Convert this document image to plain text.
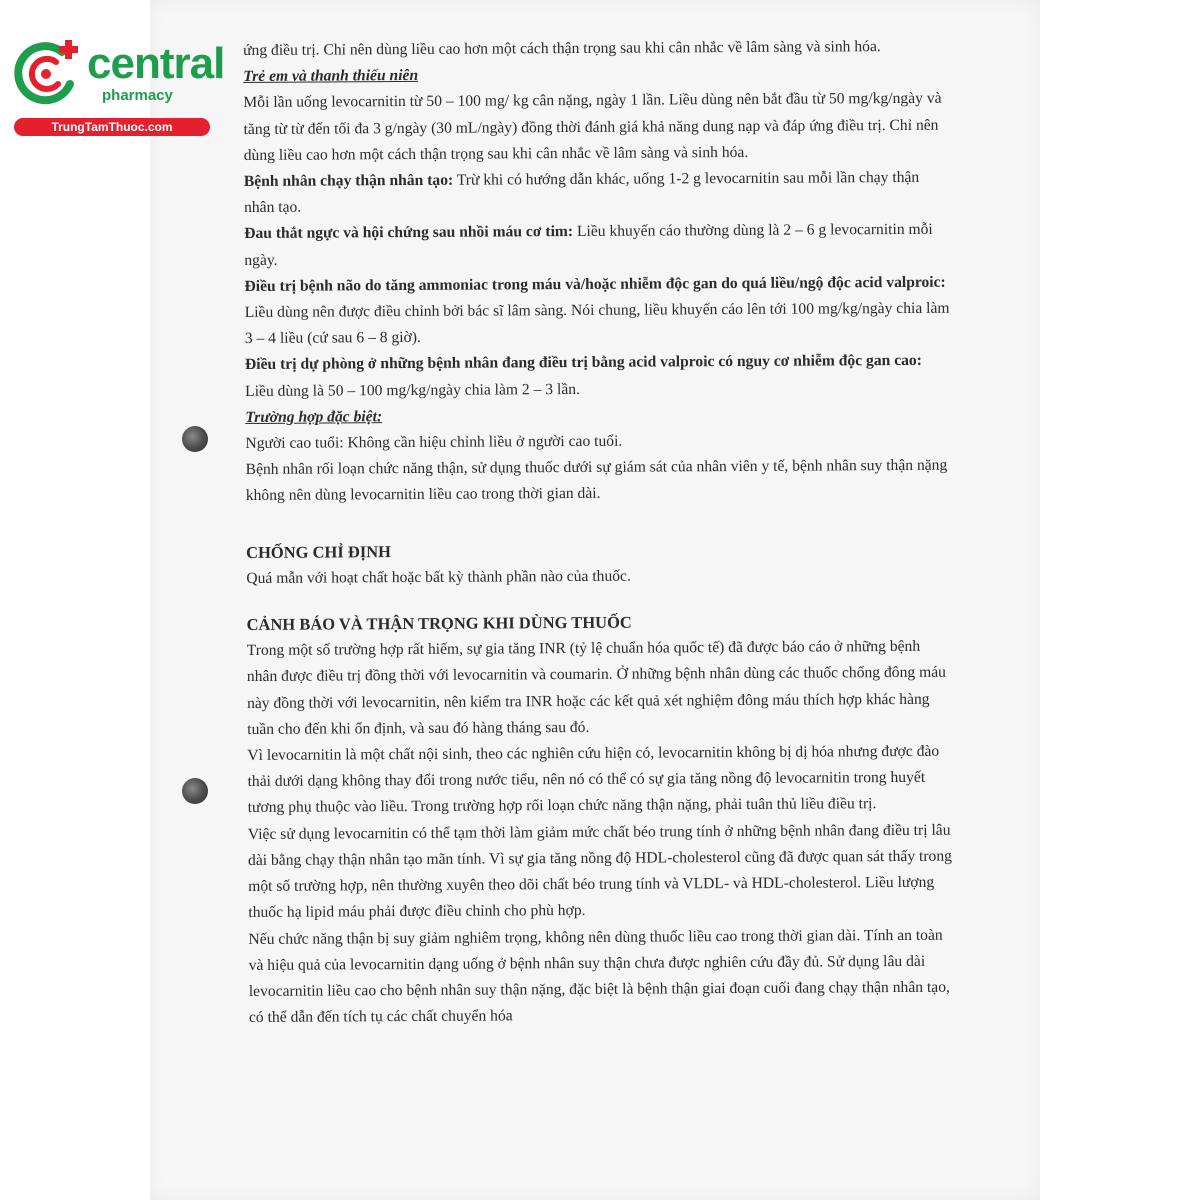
central
pharmacy
TrungTamThuoc.com

ứng điều trị. Chỉ nên dùng liều cao hơn một cách thận trọng sau khi cân nhắc về lâm sàng và sinh hóa.

Trẻ em và thanh thiếu niên

Mỗi lần uống levocarnitin từ 50 – 100 mg/ kg cân nặng, ngày 1 lần. Liều dùng nên bắt đầu từ 50 mg/kg/ngày và tăng từ từ đến tối đa 3 g/ngày (30 mL/ngày) đồng thời đánh giá khả năng dung nạp và đáp ứng điều trị. Chỉ nên dùng liều cao hơn một cách thận trọng sau khi cân nhắc về lâm sàng và sinh hóa.

Bệnh nhân chạy thận nhân tạo: Trừ khi có hướng dẫn khác, uống 1-2 g levocarnitin sau mỗi lần chạy thận nhân tạo.

Đau thắt ngực và hội chứng sau nhồi máu cơ tim: Liều khuyến cáo thường dùng là 2 – 6 g levocarnitin mỗi ngày.

Điều trị bệnh não do tăng ammoniac trong máu và/hoặc nhiễm độc gan do quá liều/ngộ độc acid valproic: Liều dùng nên được điều chỉnh bởi bác sĩ lâm sàng. Nói chung, liều khuyến cáo lên tới 100 mg/kg/ngày chia làm 3 – 4 liều (cứ sau 6 – 8 giờ).

Điều trị dự phòng ở những bệnh nhân đang điều trị bằng acid valproic có nguy cơ nhiễm độc gan cao: Liều dùng là 50 – 100 mg/kg/ngày chia làm 2 – 3 lần.

Trường hợp đặc biệt:

Người cao tuổi: Không cần hiệu chỉnh liều ở người cao tuổi.

Bệnh nhân rối loạn chức năng thận, sử dụng thuốc dưới sự giám sát của nhân viên y tế, bệnh nhân suy thận nặng không nên dùng levocarnitin liều cao trong thời gian dài.

CHỐNG CHỈ ĐỊNH

Quá mẫn với hoạt chất hoặc bất kỳ thành phần nào của thuốc.

CẢNH BÁO VÀ THẬN TRỌNG KHI DÙNG THUỐC

Trong một số trường hợp rất hiếm, sự gia tăng INR (tỷ lệ chuẩn hóa quốc tế) đã được báo cáo ở những bệnh nhân được điều trị đồng thời với levocarnitin và coumarin. Ở những bệnh nhân dùng các thuốc chống đông máu này đồng thời với levocarnitin, nên kiểm tra INR hoặc các kết quả xét nghiệm đông máu thích hợp khác hàng tuần cho đến khi ổn định, và sau đó hàng tháng sau đó.

Vì levocarnitin là một chất nội sinh, theo các nghiên cứu hiện có, levocarnitin không bị dị hóa nhưng được đào thải dưới dạng không thay đổi trong nước tiểu, nên nó có thể có sự gia tăng nồng độ levocarnitin trong huyết tương phụ thuộc vào liều. Trong trường hợp rối loạn chức năng thận nặng, phải tuân thủ liều điều trị.

Việc sử dụng levocarnitin có thể tạm thời làm giảm mức chất béo trung tính ở những bệnh nhân đang điều trị lâu dài bằng chạy thận nhân tạo mãn tính. Vì sự gia tăng nồng độ HDL-cholesterol cũng đã được quan sát thấy trong một số trường hợp, nên thường xuyên theo dõi chất béo trung tính và VLDL- và HDL-cholesterol. Liều lượng thuốc hạ lipid máu phải được điều chỉnh cho phù hợp.

Nếu chức năng thận bị suy giảm nghiêm trọng, không nên dùng thuốc liều cao trong thời gian dài. Tính an toàn và hiệu quả của levocarnitin dạng uống ở bệnh nhân suy thận chưa được nghiên cứu đầy đủ. Sử dụng lâu dài levocarnitin liều cao cho bệnh nhân suy thận nặng, đặc biệt là bệnh thận giai đoạn cuối đang chạy thận nhân tạo, có thể dẫn đến tích tụ các chất chuyển hóa
